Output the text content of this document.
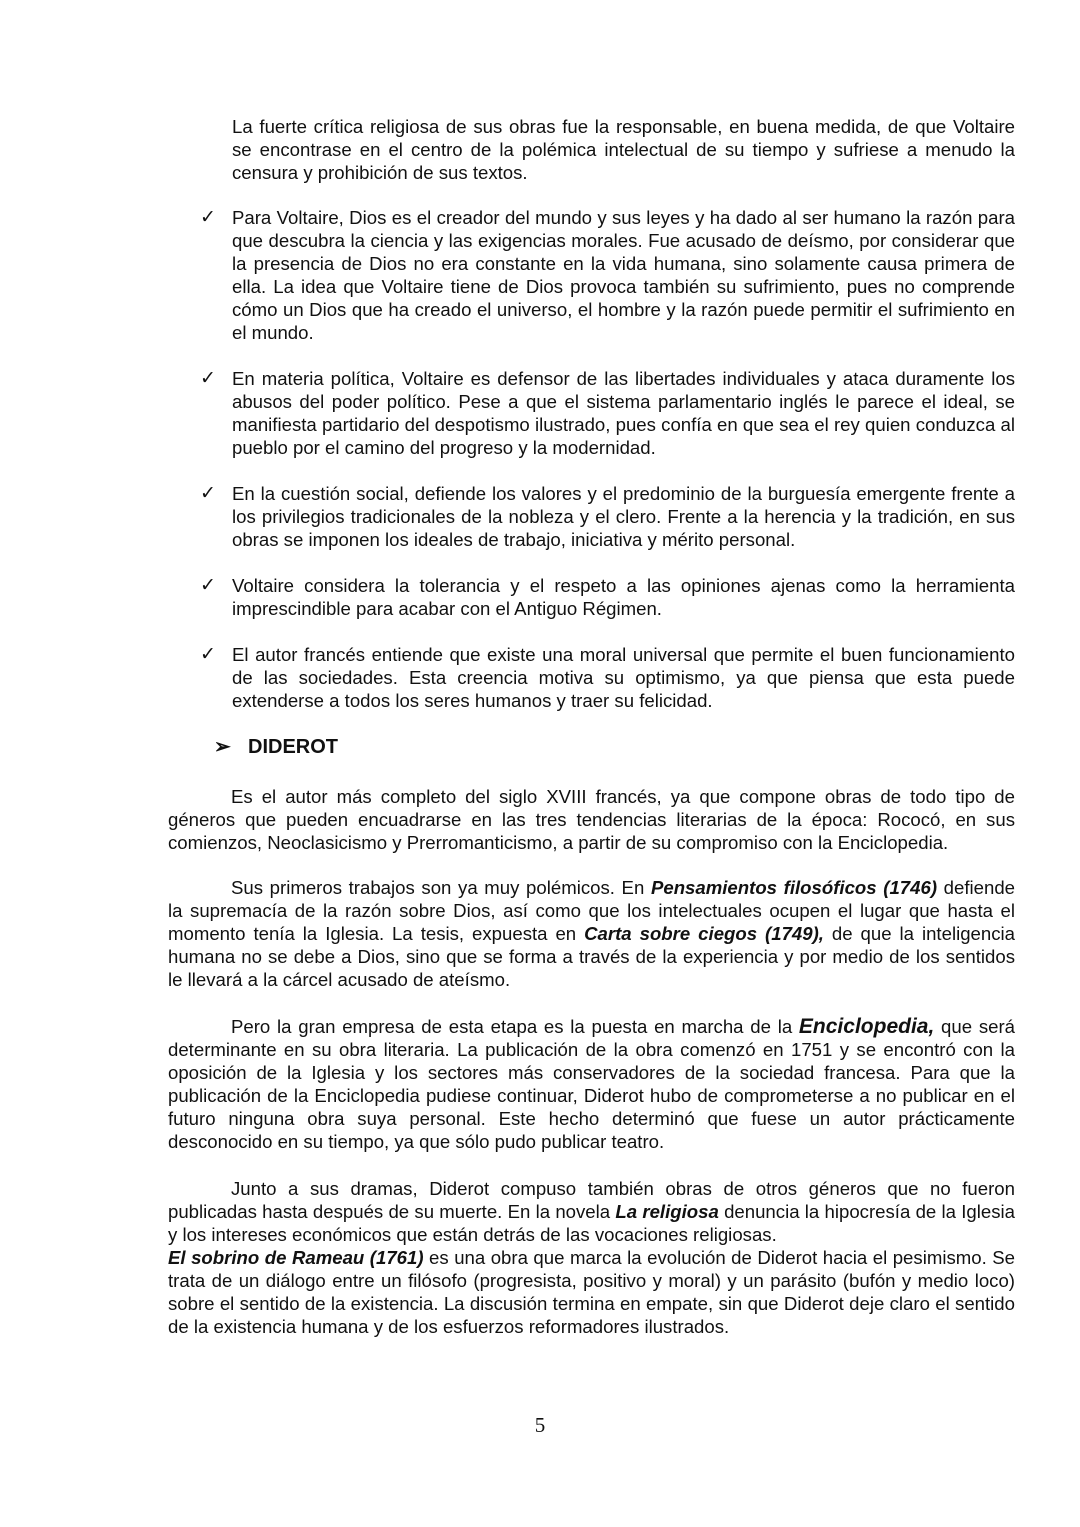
La fuerte crítica religiosa de sus obras fue la responsable, en buena medida, de que Voltaire se encontrase en el centro de la polémica intelectual de su tiempo y sufriese a menudo la censura y prohibición de sus textos.

✓ Para Voltaire, Dios es el creador del mundo y sus leyes y ha dado al ser humano la razón para que descubra la ciencia y las exigencias morales. Fue acusado de deísmo, por considerar que la presencia de Dios no era constante en la vida humana, sino solamente causa primera de ella. La idea que Voltaire tiene de Dios provoca también su sufrimiento, pues no comprende cómo un Dios que ha creado el universo, el hombre y la razón puede permitir el sufrimiento en el mundo.

✓ En materia política, Voltaire es defensor de las libertades individuales y ataca duramente los abusos del poder político. Pese a que el sistema parlamentario inglés le parece el ideal, se manifiesta partidario del despotismo ilustrado, pues confía en que sea el rey quien conduzca al pueblo por el camino del progreso y la modernidad.

✓ En la cuestión social, defiende los valores y el predominio de la burguesía emergente frente a los privilegios tradicionales de la nobleza y el clero. Frente a la herencia y la tradición, en sus obras se imponen los ideales de trabajo, iniciativa y mérito personal.

✓ Voltaire considera la tolerancia y el respeto a las opiniones ajenas como la herramienta imprescindible para acabar con el Antiguo Régimen.

✓ El autor francés entiende que existe una moral universal que permite el buen funcionamiento de las sociedades. Esta creencia motiva su optimismo, ya que piensa que esta puede extenderse a todos los seres humanos y traer su felicidad.

➢ DIDEROT

Es el autor más completo del siglo XVIII francés, ya que compone obras de todo tipo de géneros que pueden encuadrarse en las tres tendencias literarias de la época: Rococó, en sus comienzos, Neoclasicismo y Prerromanticismo, a partir de su compromiso con la Enciclopedia.

Sus primeros trabajos son ya muy polémicos. En Pensamientos filosóficos (1746) defiende la supremacía de la razón sobre Dios, así como que los intelectuales ocupen el lugar que hasta el momento tenía la Iglesia. La tesis, expuesta en Carta sobre ciegos (1749), de que la inteligencia humana no se debe a Dios, sino que se forma a través de la experiencia y por medio de los sentidos le llevará a la cárcel acusado de ateísmo.

Pero la gran empresa de esta etapa es la puesta en marcha de la Enciclopedia, que será determinante en su obra literaria. La publicación de la obra comenzó en 1751 y se encontró con la oposición de la Iglesia y los sectores más conservadores de la sociedad francesa. Para que la publicación de la Enciclopedia pudiese continuar, Diderot hubo de comprometerse a no publicar en el futuro ninguna obra suya personal. Este hecho determinó que fuese un autor prácticamente desconocido en su tiempo, ya que sólo pudo publicar teatro.

Junto a sus dramas, Diderot compuso también obras de otros géneros que no fueron publicadas hasta después de su muerte. En la novela La religiosa denuncia la hipocresía de la Iglesia y los intereses económicos que están detrás de las vocaciones religiosas.

El sobrino de Rameau (1761) es una obra que marca la evolución de Diderot hacia el pesimismo. Se trata de un diálogo entre un filósofo (progresista, positivo y moral) y un parásito (bufón y medio loco) sobre el sentido de la existencia. La discusión termina en empate, sin que Diderot deje claro el sentido de la existencia humana y de los esfuerzos reformadores ilustrados.

5
